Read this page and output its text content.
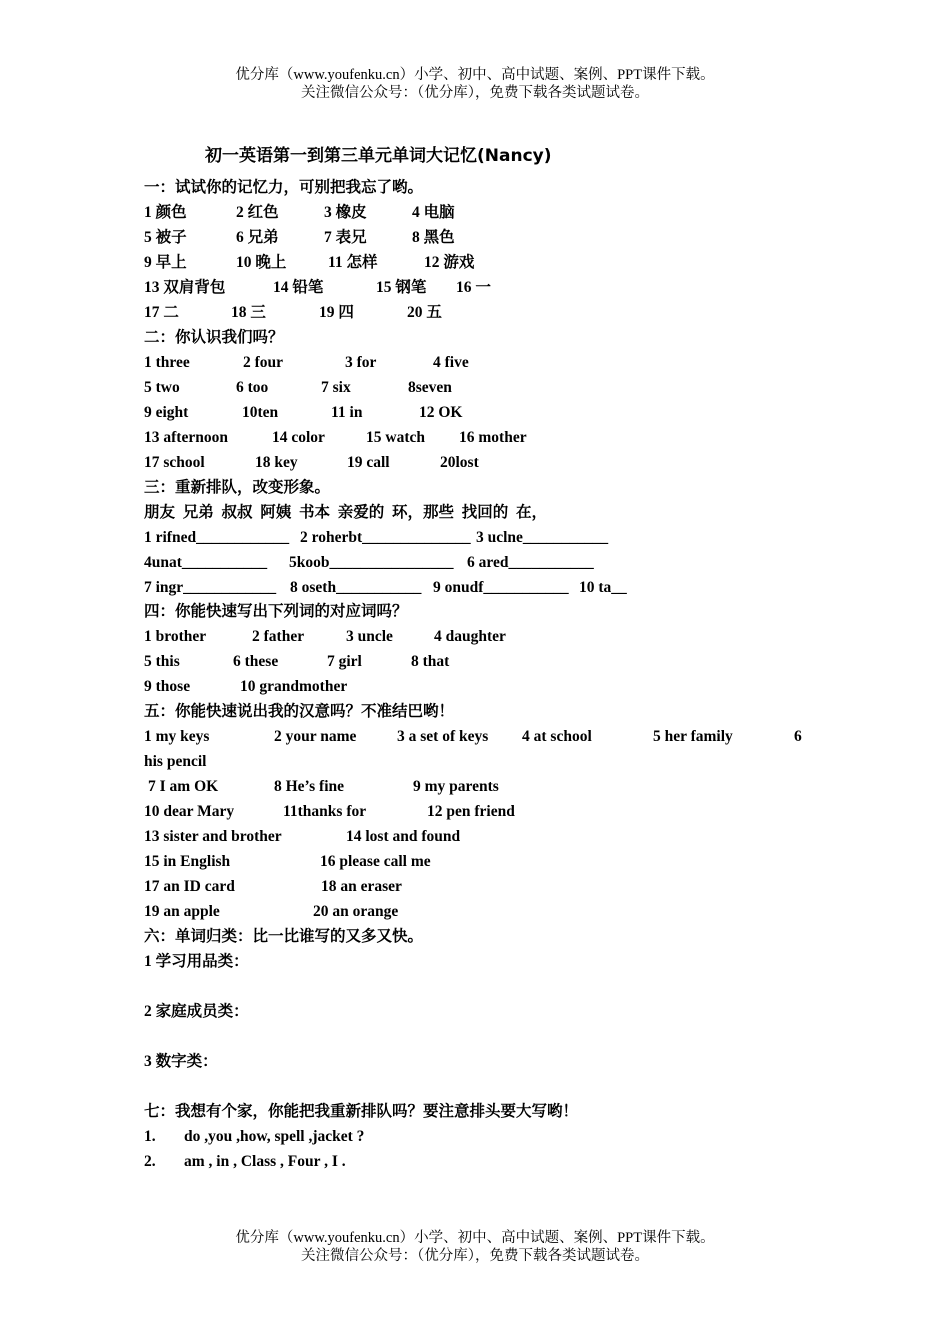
优分库（www.youfenku.cn）小学、初中、高中试题、案例、PPT课件下载。
关注微信公众号：（优分库），免费下载各类试题试卷。
初一英语第一到第三单元单词大记忆(Nancy)
一：试试你的记忆力，可别把我忘了哟。
1 颜色	2 红色	3 橡皮	4 电脑
5 被子	6 兄弟	7 表兄	8 黑色
9 早上	10 晚上	11 怎样	12 游戏
13 双肩背包	14 铅笔	15 钢笔 16 一
17 二	18 三	19 四	20 五
二：你认识我们吗？
1 three	2 four	3 for	4 five
5 two	6 too	7 six	8seven
9 eight	10ten	11 in	12 OK
13 afternoon	14 color	15 watch 16 mother
17 school	18 key	19 call	20lost
三：重新排队，改变形象。
朋友  兄弟  叔叔  阿姨  书本  亲爱的  环，那些  找回的  在，
1 rifned____________ 2 roherbt______________ 3 uclne___________
4unat___________ 5koob________________ 6 ared___________
7 ingr____________ 8 oseth___________ 9 onudf___________ 10 ta__
四：你能快速写出下列词的对应词吗？
1 brother	2 father	3 uncle	4 daughter
5 this	6 these	7 girl	8 that
9 those	10 grandmother
五：你能快速说出我的汉意吗？不准结巴哟！
1 my keys	2 your name	3 a set of keys 4 at school	5 her family	6
his pencil
7 I am OK	8 He’s fine	9 my parents
10 dear Mary	11thanks for	12 pen friend
13 sister and brother	14 lost and found
15 in English	16 please call me
17 an ID card	18 an eraser
19 an apple	20 an orange
六：单词归类：比一比谁写的又多又快。
1 学习用品类：
2 家庭成员类：
3 数字类：
七：我想有个家，你能把我重新排队吗？要注意排头要大写哟！
1. do ,you ,how, spell ,jacket ?
2. am , in , Class , Four , I .
优分库（www.youfenku.cn）小学、初中、高中试题、案例、PPT课件下载。
关注微信公众号：（优分库），免费下载各类试题试卷。
